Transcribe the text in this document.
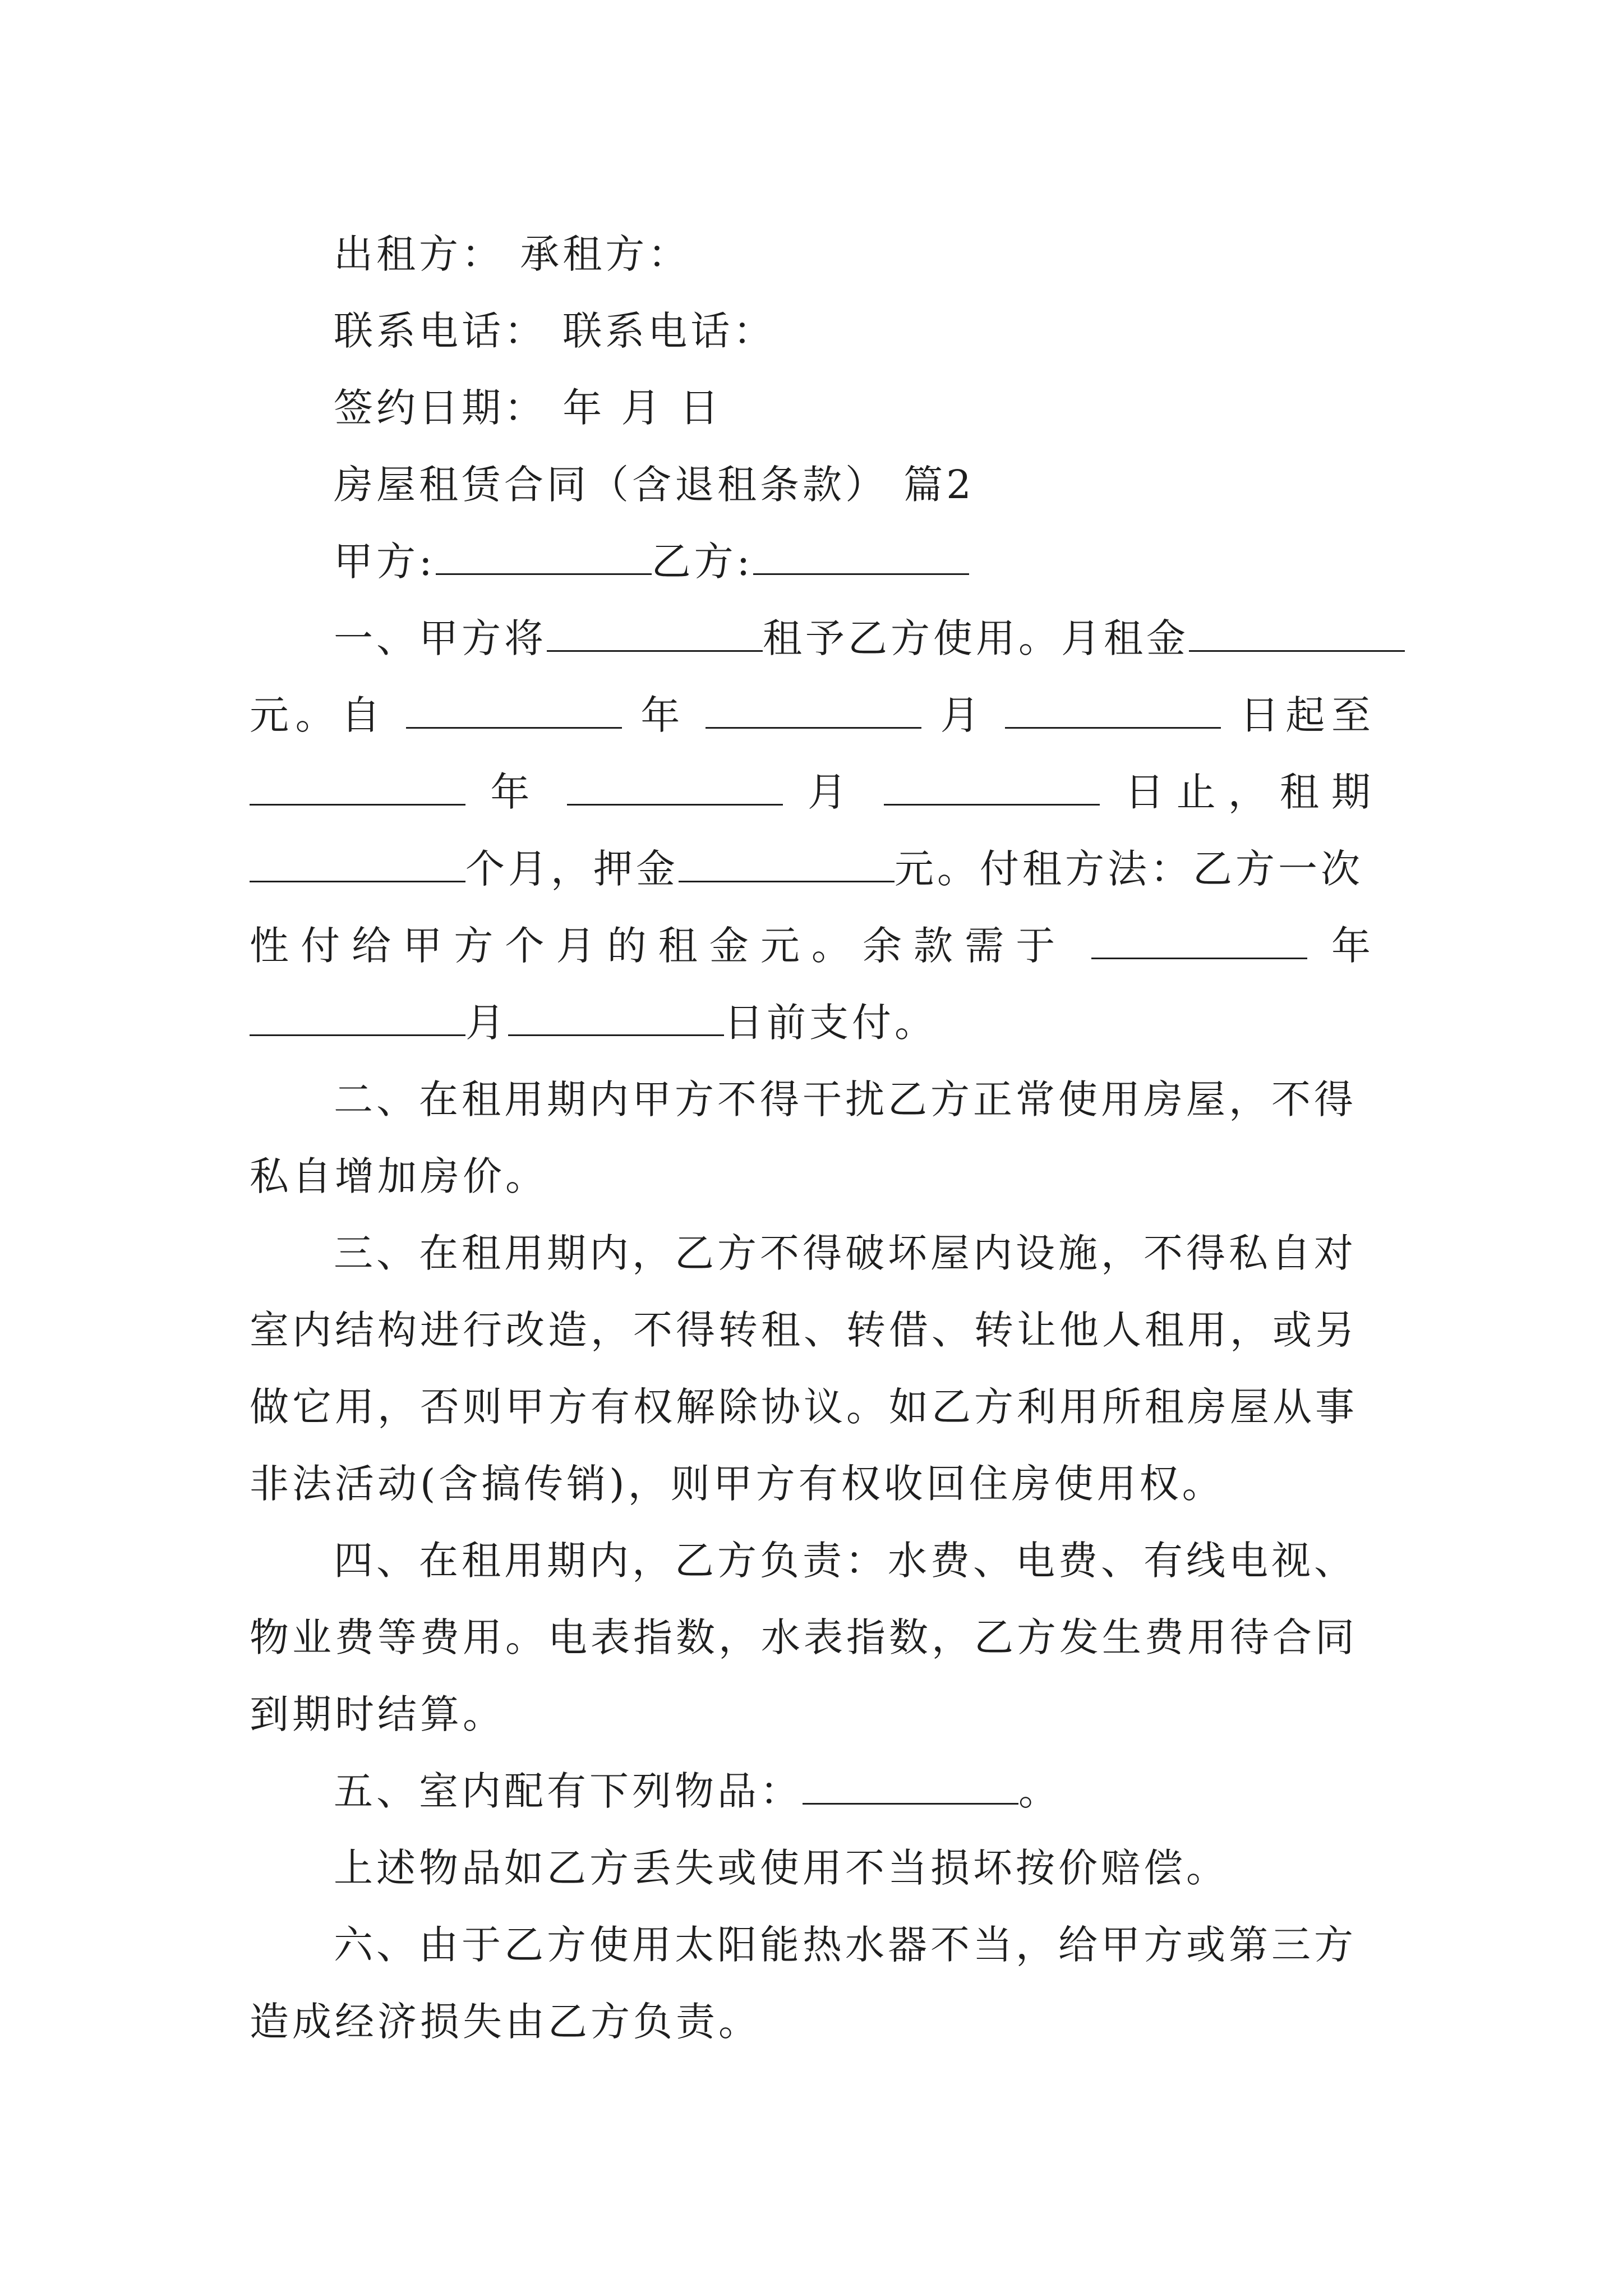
出租方： 承租方：
联系电话： 联系电话：
签约日期： 年 月 日
房屋租赁合同（含退租条款） 篇2
甲方:	乙方:
一、甲方将	租予乙方使用。月租金
元。自	年	月	日起至
年	月	日止，租期
个月，押金	元。付租方法：乙方一次
性付给甲方个月的租金元。余款需于	年
月	日前支付。
二、在租用期内甲方不得干扰乙方正常使用房屋，不得
私自增加房价。
三、在租用期内，乙方不得破坏屋内设施，不得私自对
室内结构进行改造，不得转租、转借、转让他人租用，或另
做它用，否则甲方有权解除协议。如乙方利用所租房屋从事
非法活动(含搞传销)，则甲方有权收回住房使用权。
四、在租用期内，乙方负责：水费、电费、有线电视、
物业费等费用。电表指数，水表指数，乙方发生费用待合同
到期时结算。
五、室内配有下列物品：	。
上述物品如乙方丢失或使用不当损坏按价赔偿。
六、由于乙方使用太阳能热水器不当，给甲方或第三方
造成经济损失由乙方负责。
